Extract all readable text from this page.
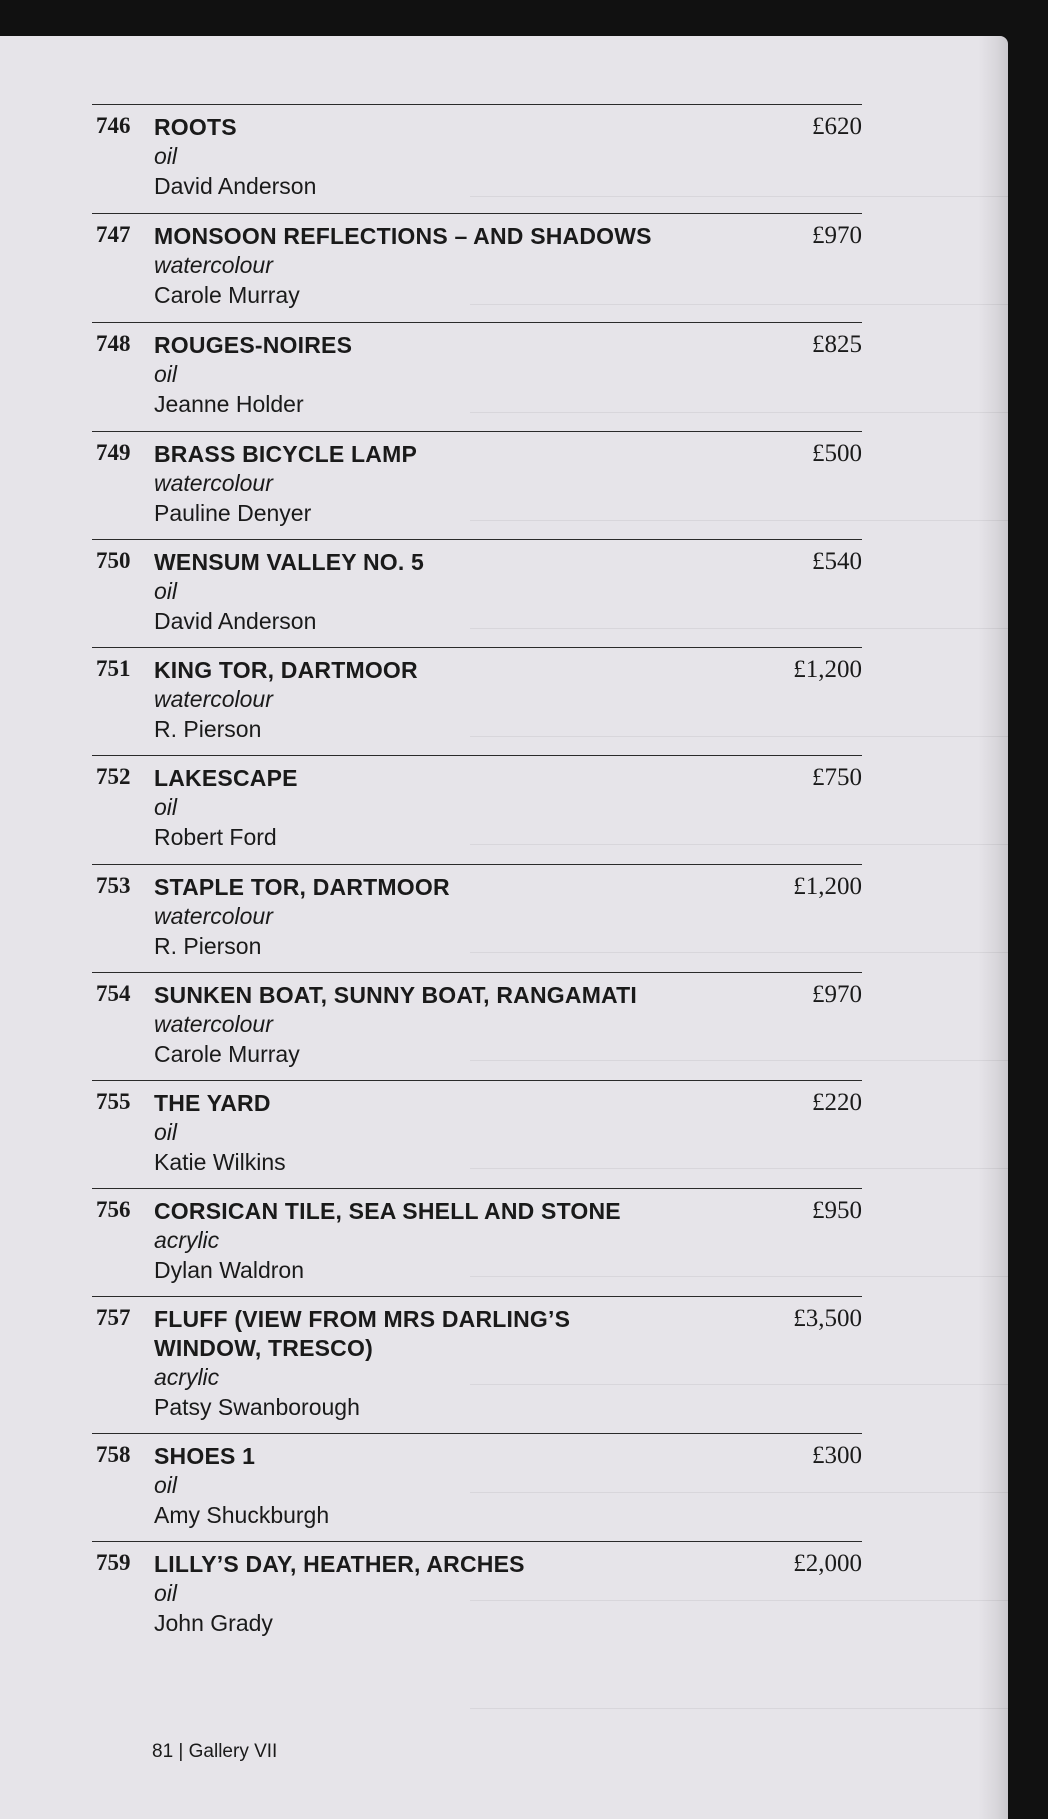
746 ROOTS
oil
David Anderson
£620
747 MONSOON REFLECTIONS – AND SHADOWS
watercolour
Carole Murray
£970
748 ROUGES-NOIRES
oil
Jeanne Holder
£825
749 BRASS BICYCLE LAMP
watercolour
Pauline Denyer
£500
750 WENSUM VALLEY NO. 5
oil
David Anderson
£540
751 KING TOR, DARTMOOR
watercolour
R. Pierson
£1,200
752 LAKESCAPE
oil
Robert Ford
£750
753 STAPLE TOR, DARTMOOR
watercolour
R. Pierson
£1,200
754 SUNKEN BOAT, SUNNY BOAT, RANGAMATI
watercolour
Carole Murray
£970
755 THE YARD
oil
Katie Wilkins
£220
756 CORSICAN TILE, SEA SHELL AND STONE
acrylic
Dylan Waldron
£950
757 FLUFF (VIEW FROM MRS DARLING’S WINDOW, TRESCO)
acrylic
Patsy Swanborough
£3,500
758 SHOES 1
oil
Amy Shuckburgh
£300
759 LILLY’S DAY, HEATHER, ARCHES
oil
John Grady
£2,000
81 | Gallery VII
